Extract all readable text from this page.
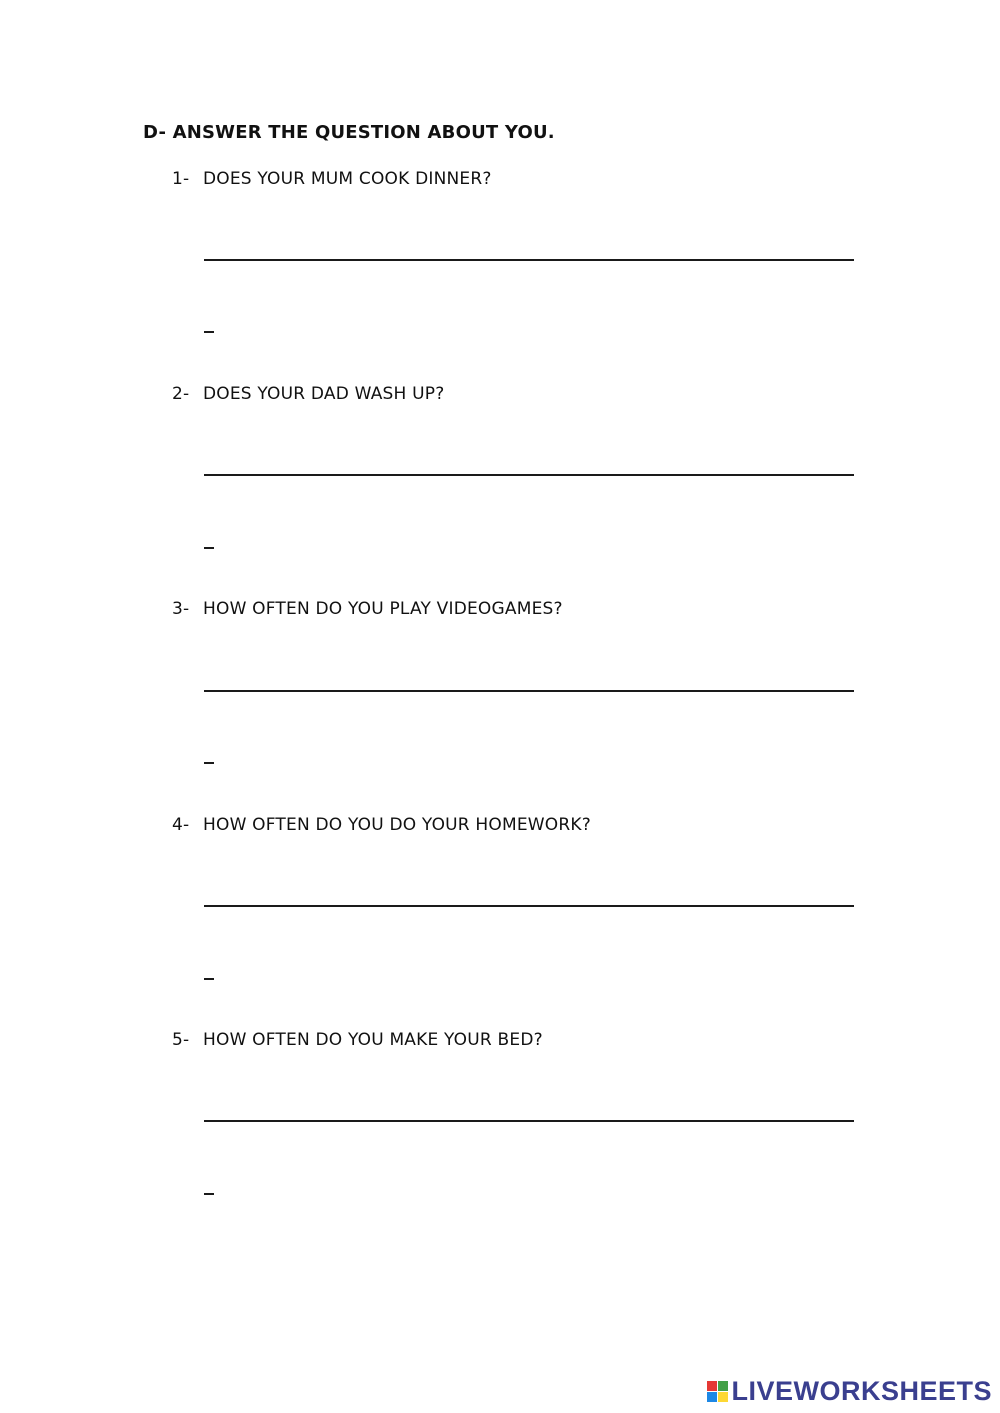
D- ANSWER THE QUESTION ABOUT YOU.
1- DOES YOUR MUM COOK DINNER?
2- DOES YOUR DAD WASH UP?
3- HOW OFTEN DO YOU PLAY VIDEOGAMES?
4- HOW OFTEN DO YOU DO YOUR HOMEWORK?
5- HOW OFTEN DO YOU MAKE YOUR BED?
LIVEWORKSHEETS
